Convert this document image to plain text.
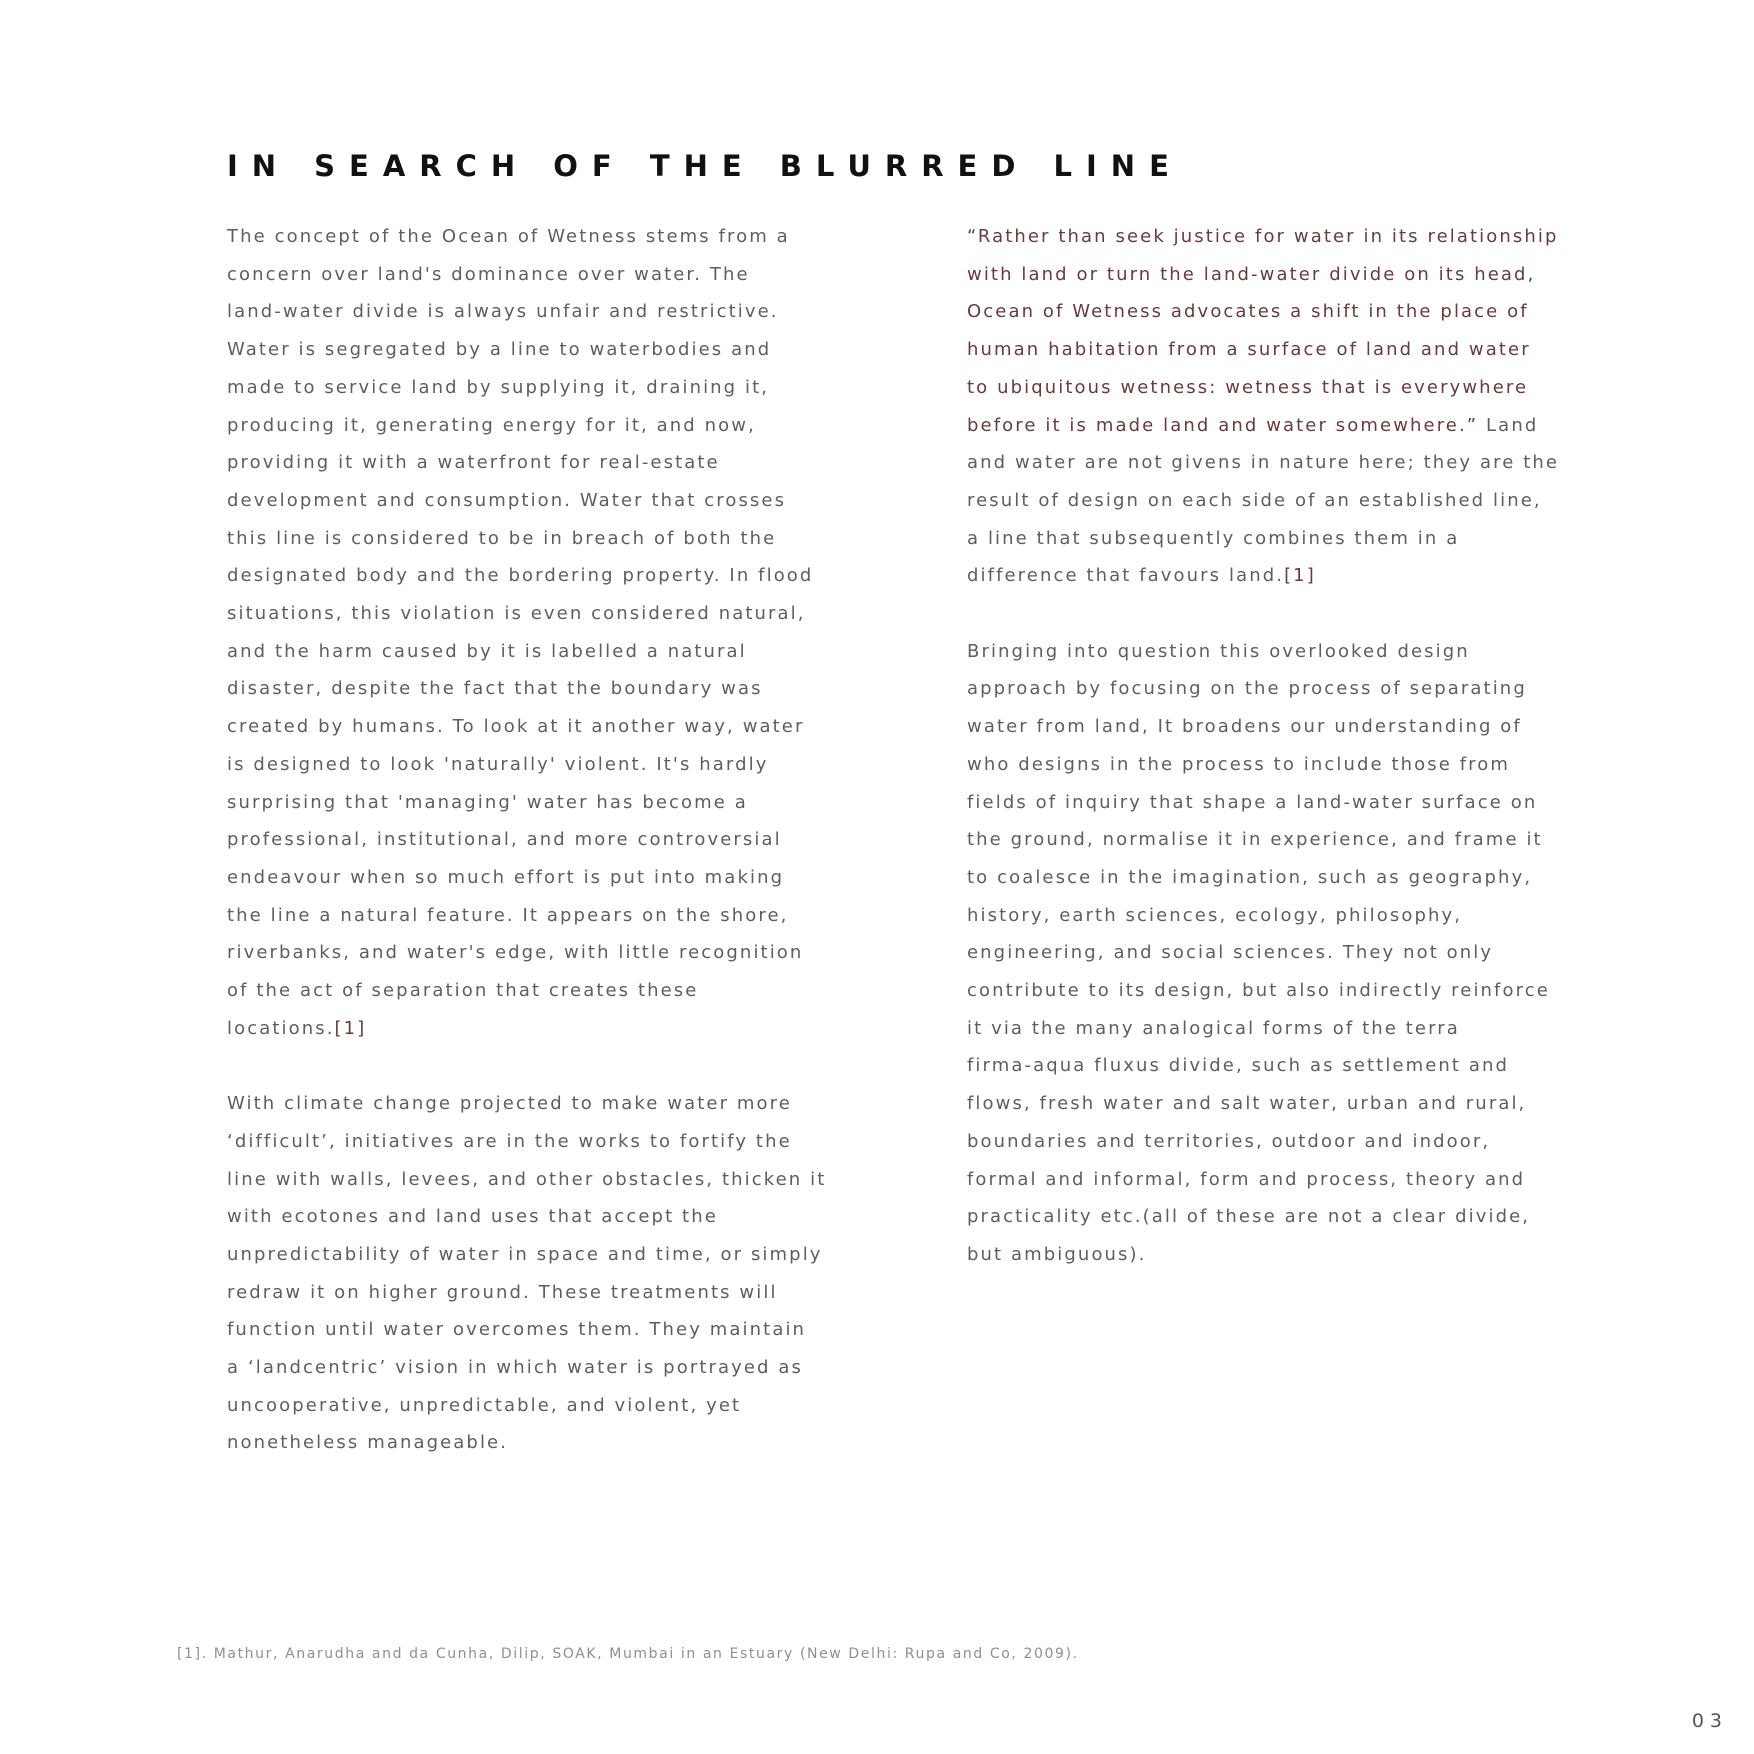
IN SEARCH OF THE BLURRED LINE
The concept of the Ocean of Wetness stems from a
concern over land's dominance over water. The
land-water divide is always unfair and restrictive.
Water is segregated by a line to waterbodies and
made to service land by supplying it, draining it,
producing it, generating energy for it, and now,
providing it with a waterfront for real-estate
development and consumption. Water that crosses
this line is considered to be in breach of both the
designated body and the bordering property. In flood
situations, this violation is even considered natural,
and the harm caused by it is labelled a natural
disaster, despite the fact that the boundary was
created by humans. To look at it another way, water
is designed to look 'naturally' violent. It's hardly
surprising that 'managing' water has become a
professional, institutional, and more controversial
endeavour when so much effort is put into making
the line a natural feature. It appears on the shore,
riverbanks, and water's edge, with little recognition
of the act of separation that creates these
locations.[1]
With climate change projected to make water more
‘difficult’, initiatives are in the works to fortify the
line with walls, levees, and other obstacles, thicken it
with ecotones and land uses that accept the
unpredictability of water in space and time, or simply
redraw it on higher ground. These treatments will
function until water overcomes them. They maintain
a ‘landcentric’ vision in which water is portrayed as
uncooperative, unpredictable, and violent, yet
nonetheless manageable.
“Rather than seek justice for water in its relationship
with land or turn the land-water divide on its head,
Ocean of Wetness advocates a shift in the place of
human habitation from a surface of land and water
to ubiquitous wetness: wetness that is everywhere
before it is made land and water somewhere.” Land
and water are not givens in nature here; they are the
result of design on each side of an established line,
a line that subsequently combines them in a
difference that favours land.[1]
Bringing into question this overlooked design
approach by focusing on the process of separating
water from land, It broadens our understanding of
who designs in the process to include those from
fields of inquiry that shape a land-water surface on
the ground, normalise it in experience, and frame it
to coalesce in the imagination, such as geography,
history, earth sciences, ecology, philosophy,
engineering, and social sciences. They not only
contribute to its design, but also indirectly reinforce
it via the many analogical forms of the terra
firma-aqua fluxus divide, such as settlement and
flows, fresh water and salt water, urban and rural,
boundaries and territories, outdoor and indoor,
formal and informal, form and process, theory and
practicality etc.(all of these are not a clear divide,
but ambiguous).

[1]. Mathur, Anarudha and da Cunha, Dilip, SOAK, Mumbai in an Estuary (New Delhi: Rupa and Co, 2009).

03
